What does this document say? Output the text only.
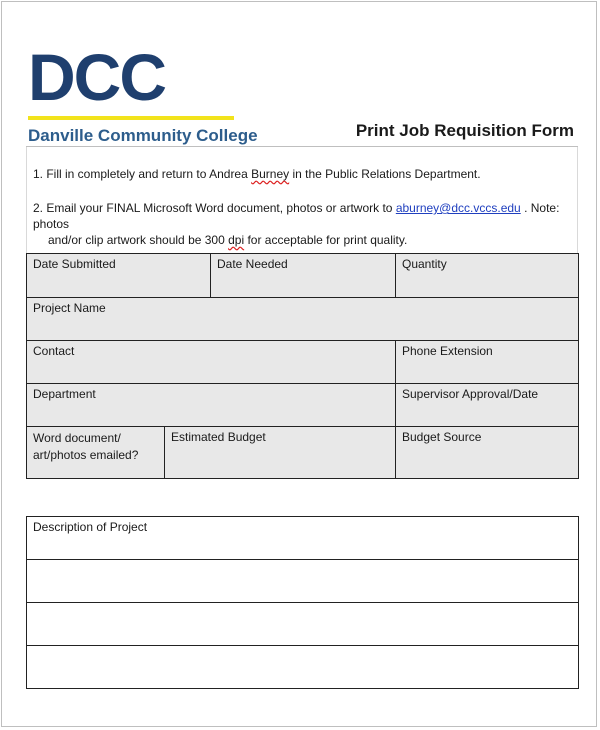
DCC
Danville Community College	Print Job Requisition Form
1. Fill in completely and return to Andrea Burney in the Public Relations Department.
2. Email your FINAL Microsoft Word document, photos or artwork to aburney@dcc.vccs.edu . Note: photos
and/or clip artwork should be 300 dpi for acceptable for print quality.
Date Submitted		Date Needed	Quantity
Project Name			
Contact			Phone Extension
Department			Supervisor Approval/Date

Word document/
art/photos emailed?	Estimated Budget		Budget Source

Description of Project			
